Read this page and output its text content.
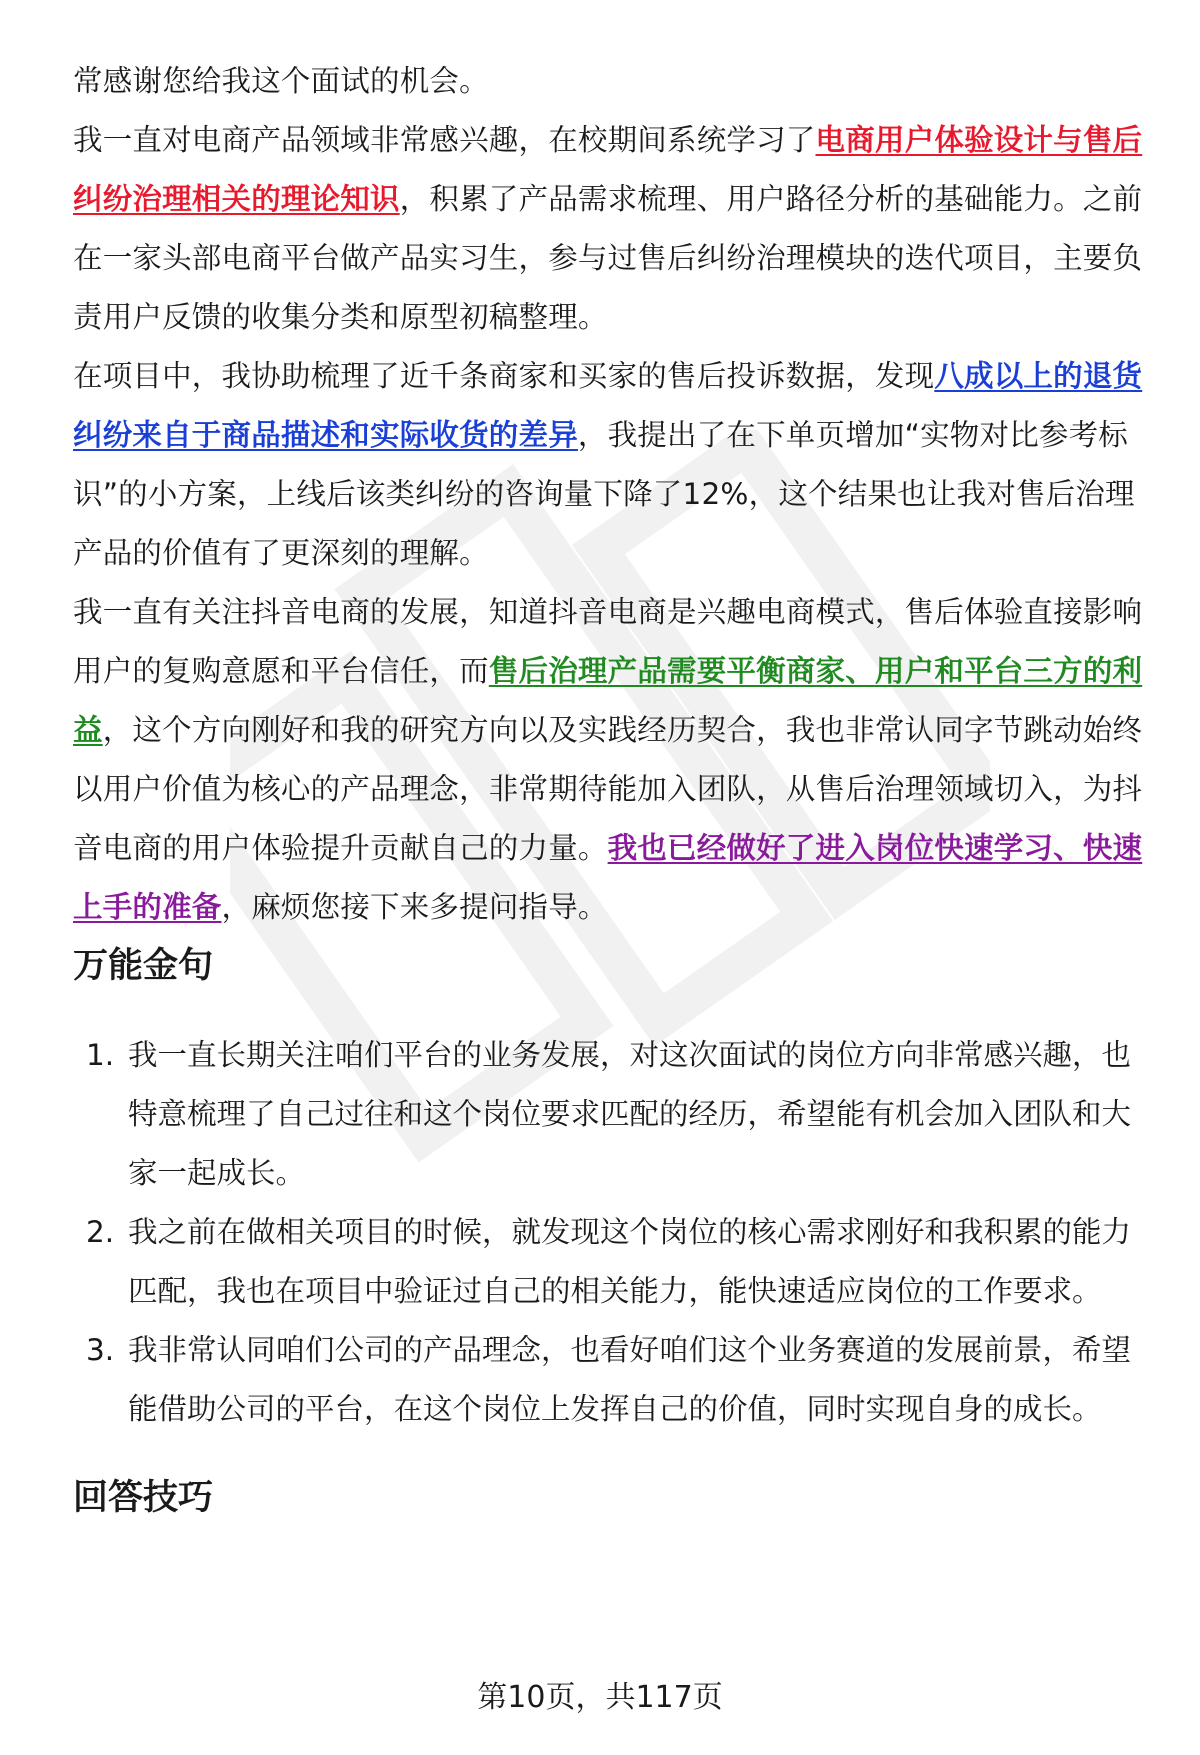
常感谢您给我这个面试的机会。

我一直对电商产品领域非常感兴趣，在校期间系统学习了电商用户体验设计与售后纠纷治理相关的理论知识，积累了产品需求梳理、用户路径分析的基础能力。之前在一家头部电商平台做产品实习生，参与过售后纠纷治理模块的迭代项目，主要负责用户反馈的收集分类和原型初稿整理。

在项目中，我协助梳理了近千条商家和买家的售后投诉数据，发现八成以上的退货纠纷来自于商品描述和实际收货的差异，我提出了在下单页增加“实物对比参考标识”的小方案，上线后该类纠纷的咨询量下降了12%，这个结果也让我对售后治理产品的价值有了更深刻的理解。

我一直有关注抖音电商的发展，知道抖音电商是兴趣电商模式，售后体验直接影响用户的复购意愿和平台信任，而售后治理产品需要平衡商家、用户和平台三方的利益，这个方向刚好和我的研究方向以及实践经历契合，我也非常认同字节跳动始终以用户价值为核心的产品理念，非常期待能加入团队，从售后治理领域切入，为抖音电商的用户体验提升贡献自己的力量。我也已经做好了进入岗位快速学习、快速上手的准备，麻烦您接下来多提问指导。

万能金句
1. 我一直长期关注咱们平台的业务发展，对这次面试的岗位方向非常感兴趣，也特意梳理了自己过往和这个岗位要求匹配的经历，希望能有机会加入团队和大家一起成长。
2. 我之前在做相关项目的时候，就发现这个岗位的核心需求刚好和我积累的能力匹配，我也在项目中验证过自己的相关能力，能快速适应岗位的工作要求。
3. 我非常认同咱们公司的产品理念，也看好咱们这个业务赛道的发展前景，希望能借助公司的平台，在这个岗位上发挥自己的价值，同时实现自身的成长。
回答技巧
第10页，共117页
